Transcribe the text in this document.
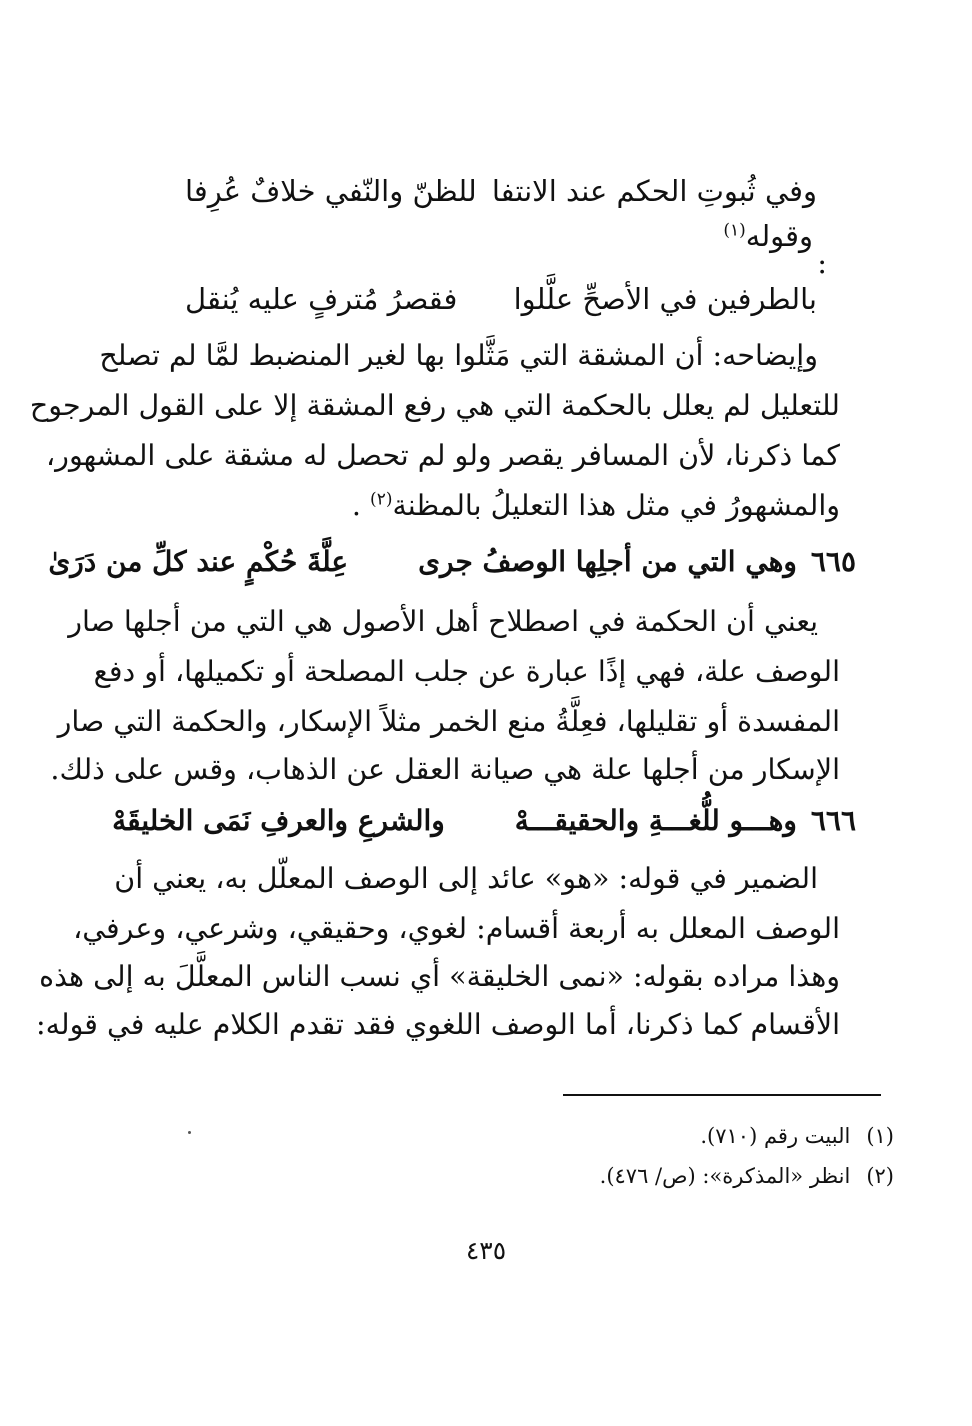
وفي ثُبوتِ الحكم عند الانتفا
للظنّ والنّفي خلافٌ عُرِفا
وقوله$^{(١)}$
:
بالطرفين في الأصحِّ علَّلوا
فقصرُ مُترفٍ عليه يُنقل
وإيضاحه: أن المشقة التي مَثَّلوا بها لغير المنضبط لمَّا لم تصلح
للتعليل لم يعلل بالحكمة التي هي رفع المشقة إلا على القول المرجوح
كما ذكرنا، لأن المسافر يقصر ولو لم تحصل له مشقة على المشهور،
والمشهورُ في مثل هذا التعليلُ بالمظنة$^{(٢)}$ .
٦٦٥
وهي التي من أجلِها الوصفُ جرى
عِلَّةَ حُكْمٍ عند كلِّ من دَرَىٰ
يعني أن الحكمة في اصطلاح أهل الأصول هي التي من أجلها صار
الوصف علة، فهي إذًا عبارة عن جلب المصلحة أو تكميلها، أو دفع
المفسدة أو تقليلها، فعِلَّةُ منع الخمر مثلاً الإسكار، والحكمة التي صار
الإسكار من أجلها علة هي صيانة العقل عن الذهاب، وقس على ذلك.
٦٦٦
وهـــو للُّغـــةِ والحقيقـــهْ
والشرعِ والعرفِ نَمَى الخليقَهْ
الضمير في قوله: «هو» عائد إلى الوصف المعلّل به، يعني أن
الوصف المعلل به أربعة أقسام: لغوي، وحقيقي، وشرعي، وعرفي،
وهذا مراده بقوله: «نمى الخليقة» أي نسب الناس المعلَّلَ به إلى هذه
الأقسام كما ذكرنا، أما الوصف اللغوي فقد تقدم الكلام عليه في قوله:
(١)
البيت رقم (٧١٠).
(٢)
انظر «المذكرة»: (ص/ ٤٧٦).
٤٣٥
